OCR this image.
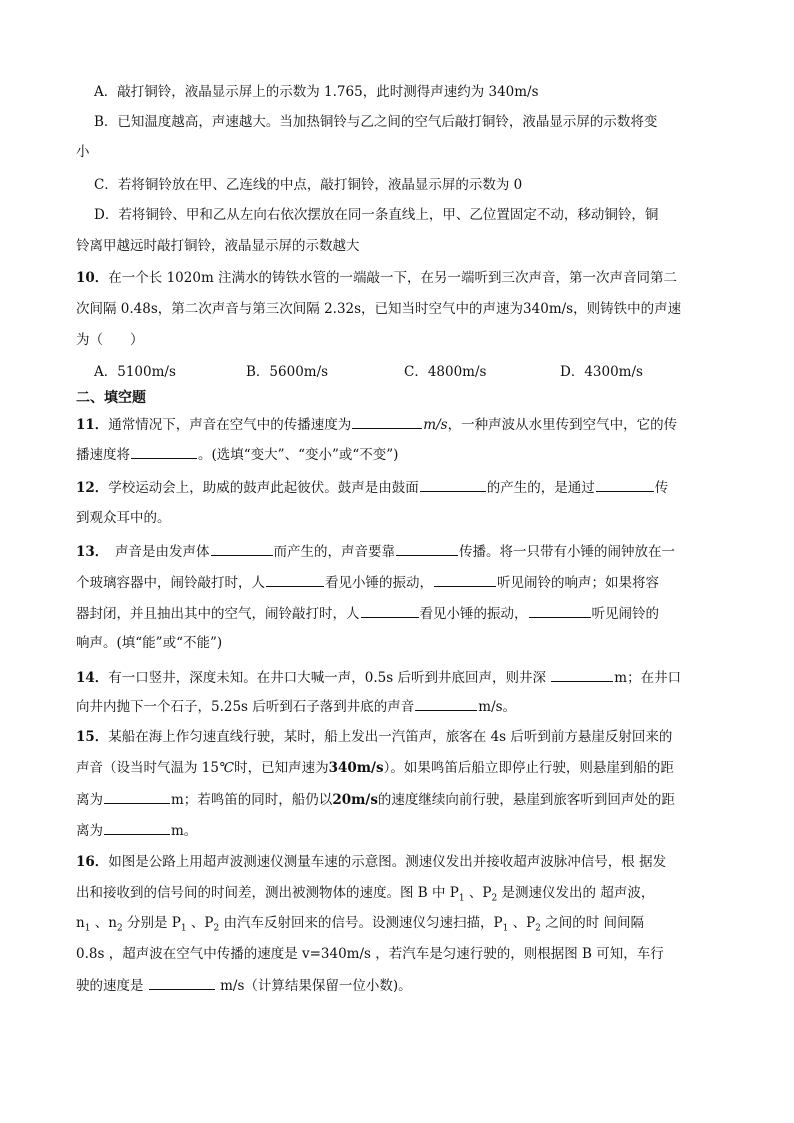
A．敲打铜铃，液晶显示屏上的示数为 1.765，此时测得声速约为 340m/s
B．已知温度越高，声速越大。当加热铜铃与乙之间的空气后敲打铜铃，液晶显示屏的示数将变
小
C．若将铜铃放在甲、乙连线的中点，敲打铜铃，液晶显示屏的示数为 0
D．若将铜铃、甲和乙从左向右依次摆放在同一条直线上，甲、乙位置固定不动，移动铜铃，铜
铃离甲越远时敲打铜铃，液晶显示屏的示数越大
10．在一个长 1020m 注满水的铸铁水管的一端敲一下，在另一端听到三次声音，第一次声音同第二
次间隔 0.48s，第二次声音与第三次间隔 2.32s，已知当时空气中的声速为340m/s，则铸铁中的声速
为（　　）
A．5100m/s	B．5600m/s	C．4800m/s	D．4300m/s
二、填空题
11．通常情况下，声音在空气中的传播速度为	m/s，一种声波从水里传到空气中，它的传
播速度将	。(选填“变大”、“变小”或“不变”)
12．学校运动会上，助威的鼓声此起彼伏。鼓声是由鼓面	的产生的，是通过	传
到观众耳中的。
13．　声音是由发声体	而产生的，声音要靠	传播。将一只带有小锤的闹钟放在一
个玻璃容器中，闹铃敲打时，人	看见小锤的振动，	听见闹铃的响声；如果将容
器封闭，并且抽出其中的空气，闹铃敲打时，人	看见小锤的振动，	听见闹铃的
响声。(填“能”或“不能”)
14．有一口竖井，深度未知。在井口大喊一声，0.5s 后听到井底回声，则井深	m；在井口
向井内抛下一个石子，5.25s 后听到石子落到井底的声音	m/s。
15．某船在海上作匀速直线行驶，某时，船上发出一汽笛声，旅客在 4s 后听到前方悬崖反射回来的
声音（设当时气温为 15℃时，已知声速为340m/s）。如果鸣笛后船立即停止行驶，则悬崖到船的距
离为	m；若鸣笛的同时，船仍以20m/s的速度继续向前行驶，悬崖到旅客听到回声处的距
离为	m。
16．如图是公路上用超声波测速仪测量车速的示意图。测速仪发出并接收超声波脉冲信号，根 据发
出和接收到的信号间的时间差，测出被测物体的速度。图 B 中 $P_1$ 、$P_2$ 是测速仪发出的 超声波，
$n_1$ 、$n_2$ 分别是 $P_1$ 、$P_2$ 由汽车反射回来的信号。设测速仪匀速扫描，$P_1$ 、$P_2$ 之间的时 间间隔
0.8s ，超声波在空气中传播的速度是 v=340m/s ，若汽车是匀速行驶的，则根据图 B 可知，车行
驶的速度是	m/s（计算结果保留一位小数)。
